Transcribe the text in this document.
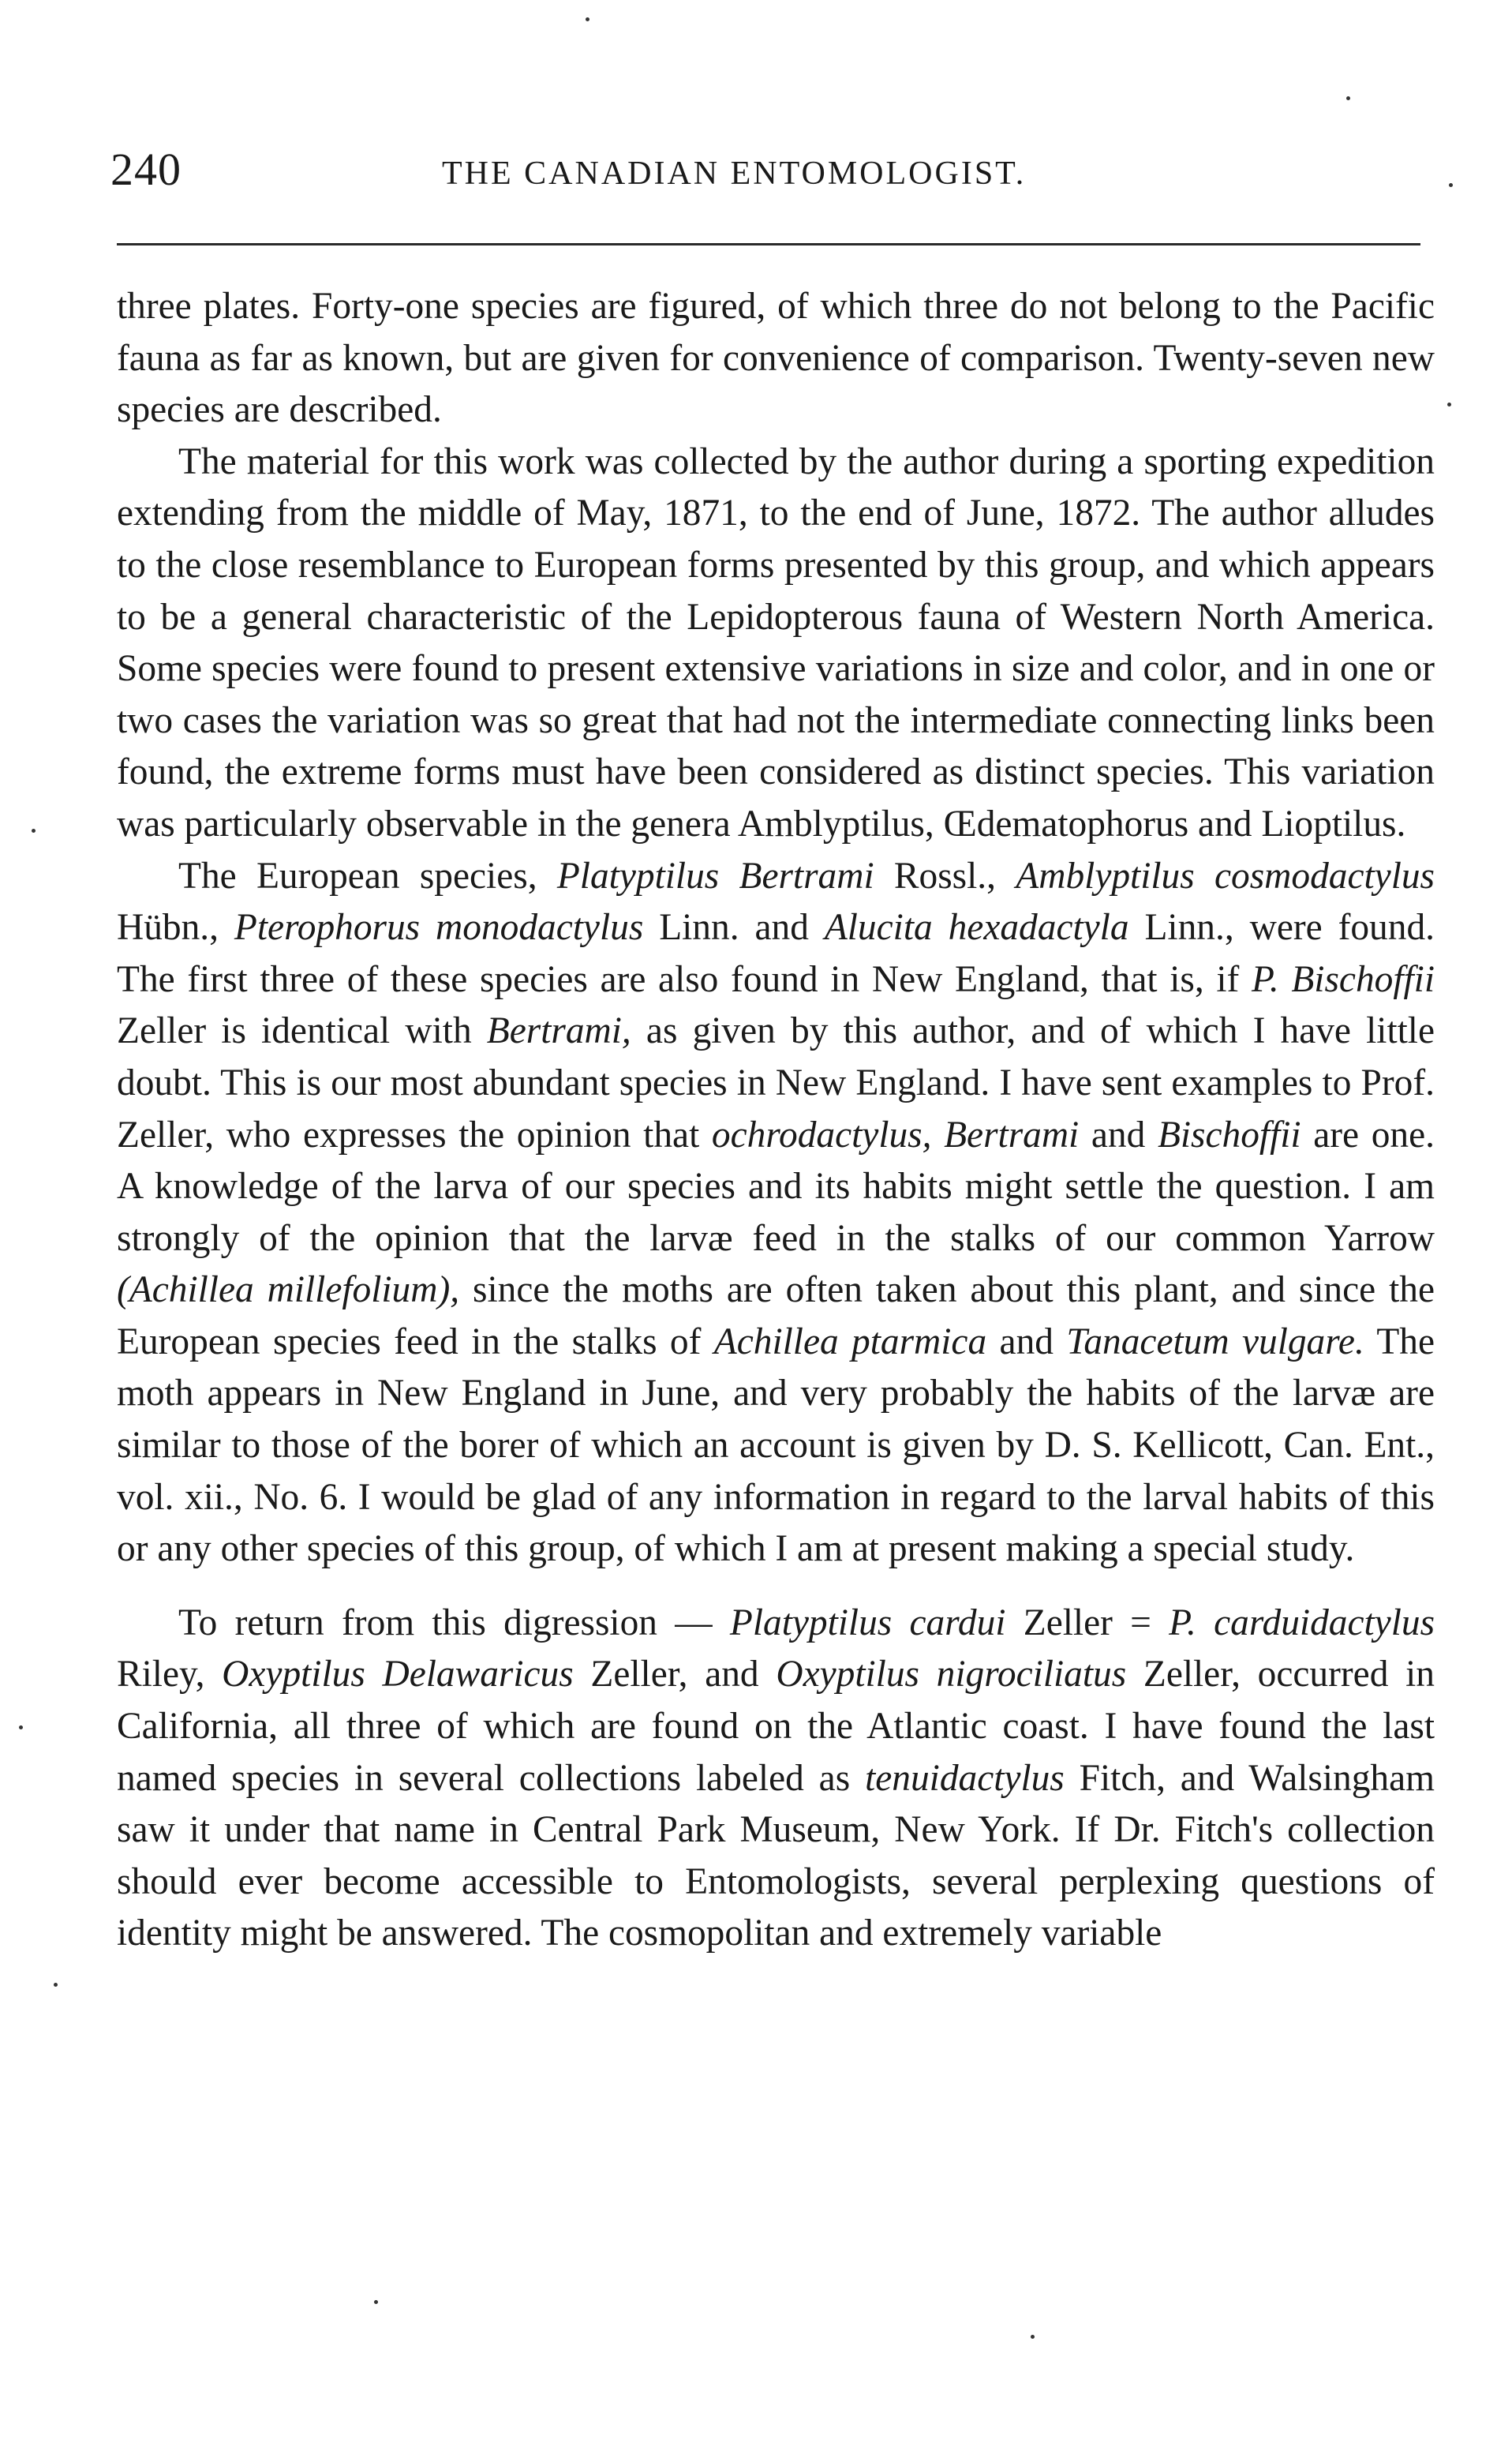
240	THE CANADIAN ENTOMOLOGIST.

three plates. Forty-one species are figured, of which three do not belong to the Pacific fauna as far as known, but are given for convenience of comparison. Twenty-seven new species are described.

The material for this work was collected by the author during a sporting expedition extending from the middle of May, 1871, to the end of June, 1872. The author alludes to the close resemblance to European forms presented by this group, and which appears to be a general characteristic of the Lepidopterous fauna of Western North America. Some species were found to present extensive variations in size and color, and in one or two cases the variation was so great that had not the intermediate connecting links been found, the extreme forms must have been considered as distinct species. This variation was particularly observable in the genera Amblyptilus, Œdematophorus and Lioptilus.

The European species, Platyptilus Bertrami Rossl., Amblyptilus cosmodactylus Hübn., Pterophorus monodactylus Linn. and Alucita hexadactyla Linn., were found. The first three of these species are also found in New England, that is, if P. Bischoffii Zeller is identical with Bertrami, as given by this author, and of which I have little doubt. This is our most abundant species in New England. I have sent examples to Prof. Zeller, who expresses the opinion that ochrodactylus, Bertrami and Bischoffii are one. A knowledge of the larva of our species and its habits might settle the question. I am strongly of the opinion that the larvæ feed in the stalks of our common Yarrow (Achillea millefolium), since the moths are often taken about this plant, and since the European species feed in the stalks of Achillea ptarmica and Tanacetum vulgare. The moth appears in New England in June, and very probably the habits of the larvæ are similar to those of the borer of which an account is given by D. S. Kellicott, Can. Ent., vol. xii., No. 6. I would be glad of any information in regard to the larval habits of this or any other species of this group, of which I am at present making a special study.

To return from this digression — Platyptilus cardui Zeller = P. carduidactylus Riley, Oxyptilus Delawaricus Zeller, and Oxyptilus nigrociliatus Zeller, occurred in California, all three of which are found on the Atlantic coast. I have found the last named species in several collections labeled as tenuidactylus Fitch, and Walsingham saw it under that name in Central Park Museum, New York. If Dr. Fitch's collection should ever become accessible to Entomologists, several perplexing questions of identity might be answered. The cosmopolitan and extremely variable
